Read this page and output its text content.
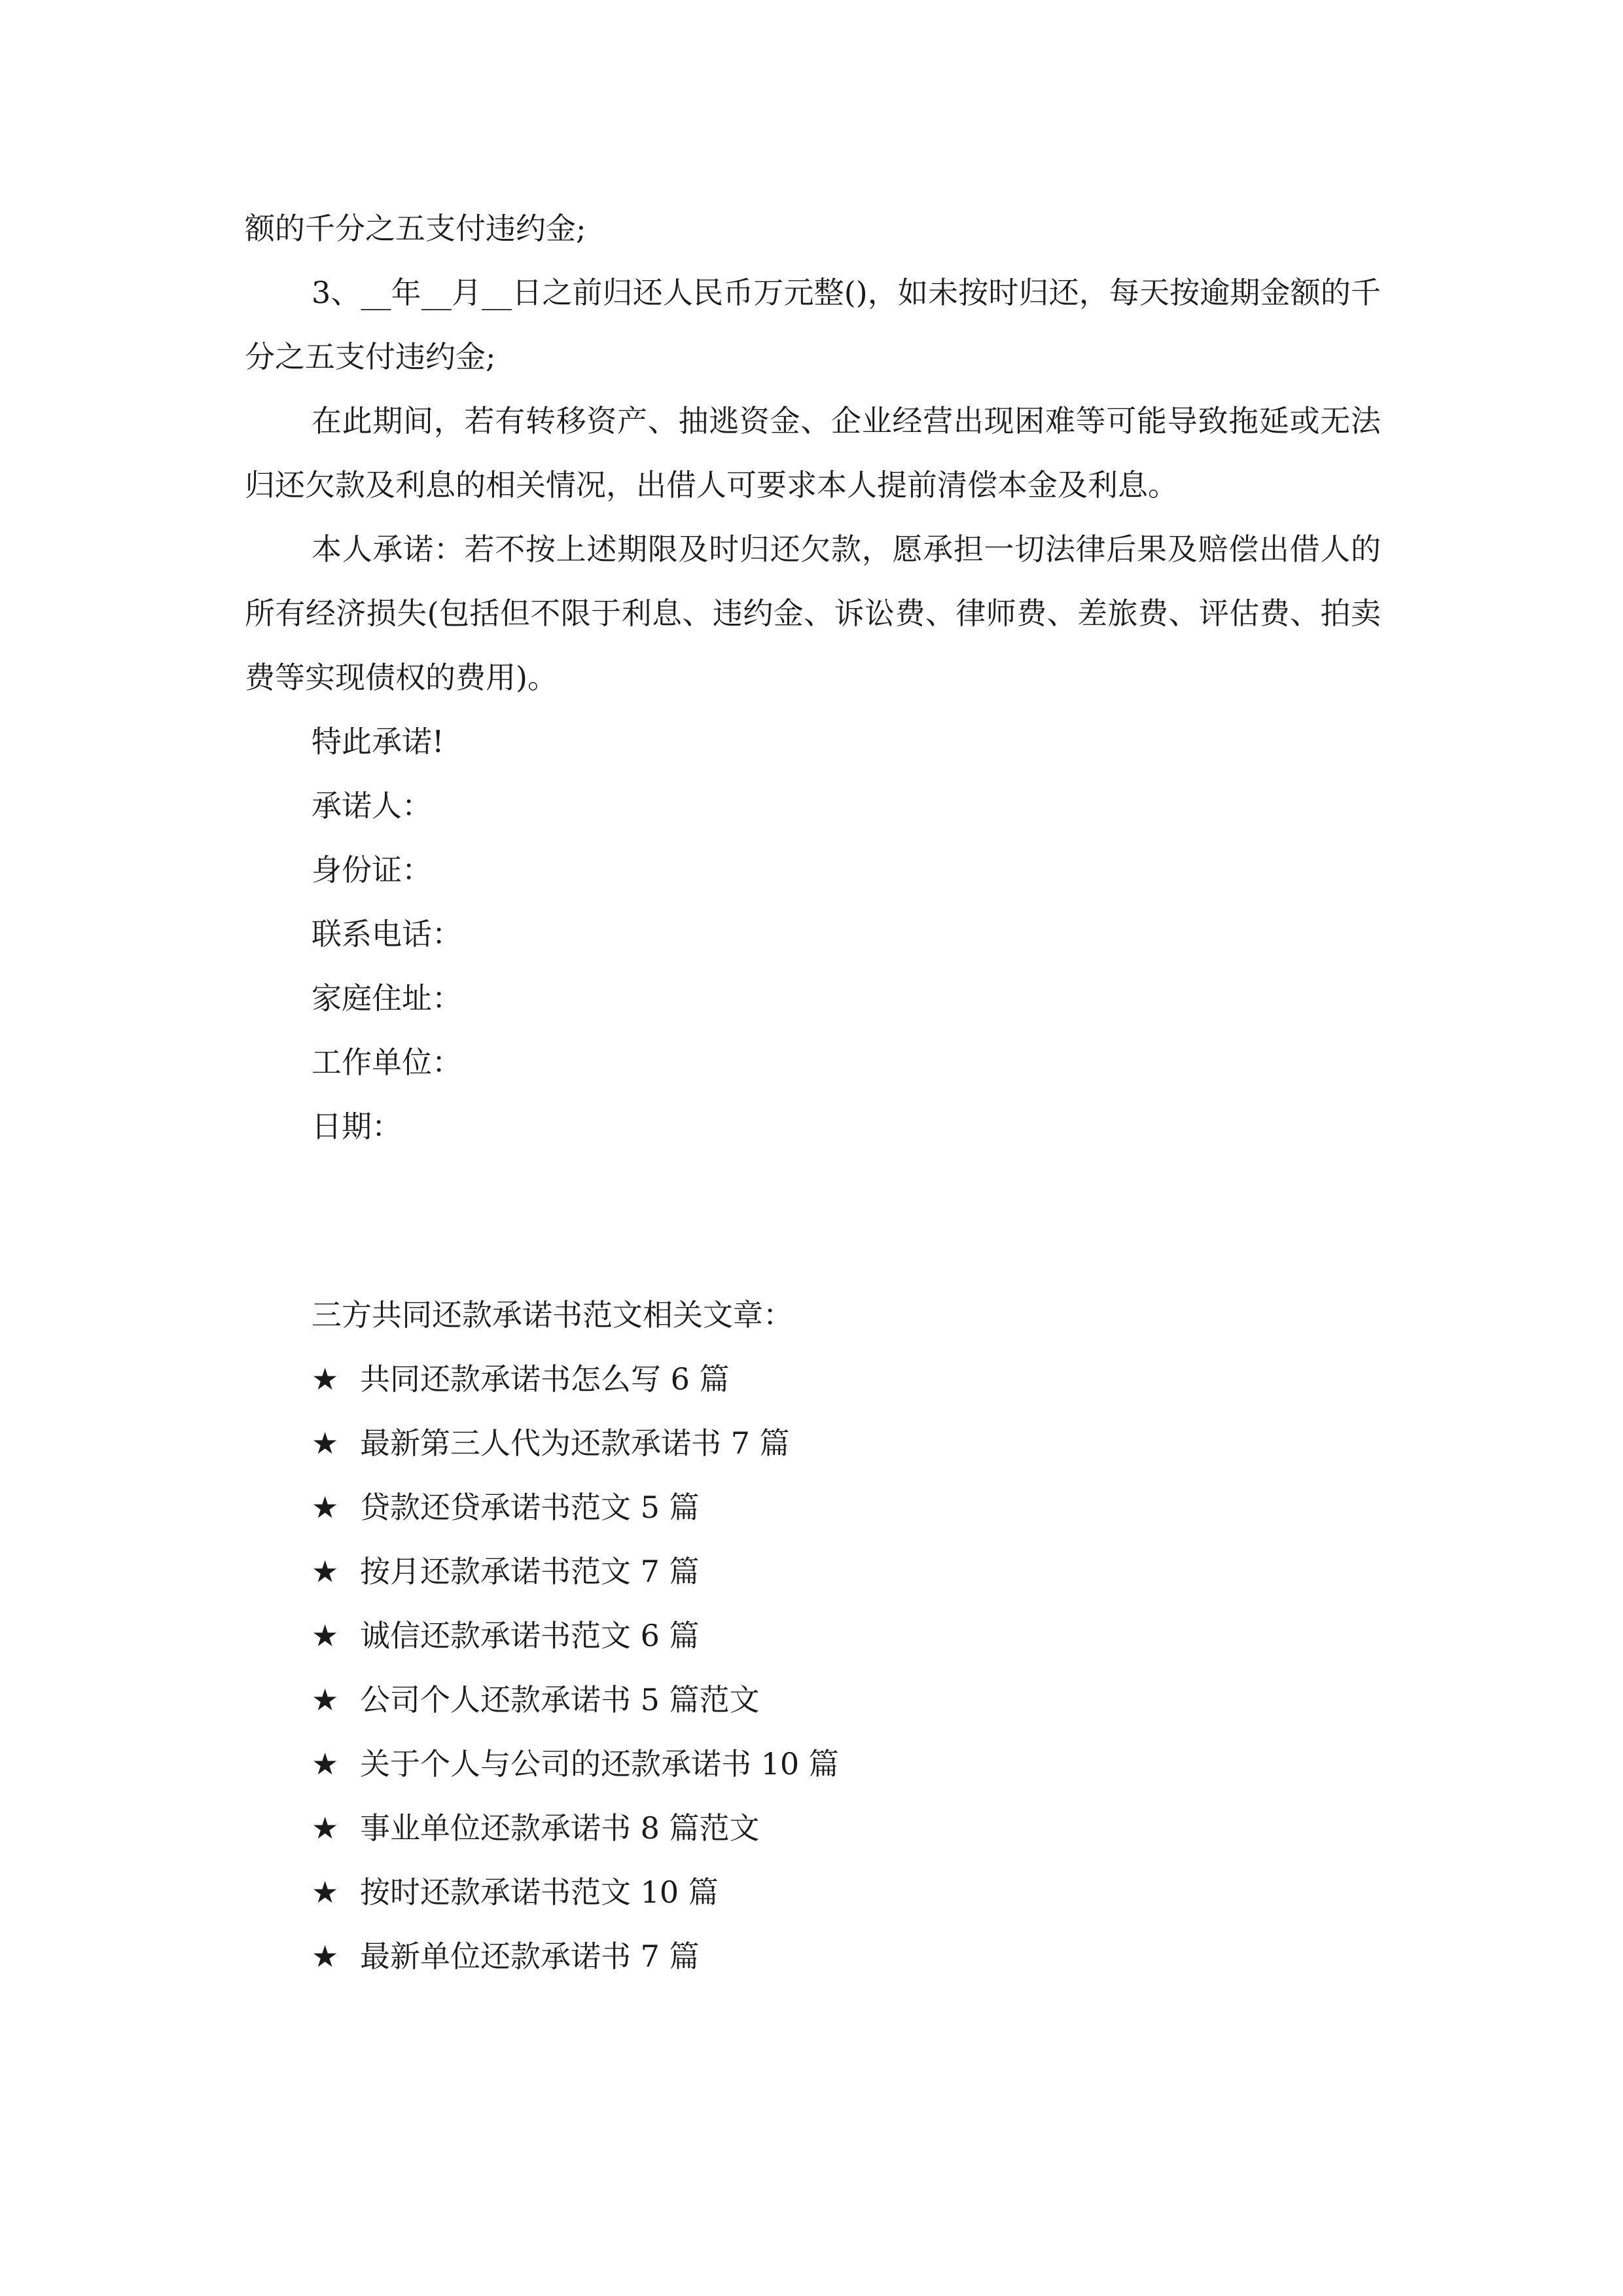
额的千分之五支付违约金;

3、__年__月__日之前归还人民币万元整()，如未按时归还，每天按逾期金额的千分之五支付违约金;

在此期间，若有转移资产、抽逃资金、企业经营出现困难等可能导致拖延或无法归还欠款及利息的相关情况，出借人可要求本人提前清偿本金及利息。

本人承诺：若不按上述期限及时归还欠款，愿承担一切法律后果及赔偿出借人的所有经济损失(包括但不限于利息、违约金、诉讼费、律师费、差旅费、评估费、拍卖费等实现债权的费用)。

特此承诺!

承诺人：

身份证：

联系电话：

家庭住址：

工作单位：

日期：

三方共同还款承诺书范文相关文章：

★ 共同还款承诺书怎么写 6 篇
★ 最新第三人代为还款承诺书 7 篇
★ 贷款还贷承诺书范文 5 篇
★ 按月还款承诺书范文 7 篇
★ 诚信还款承诺书范文 6 篇
★ 公司个人还款承诺书 5 篇范文
★ 关于个人与公司的还款承诺书 10 篇
★ 事业单位还款承诺书 8 篇范文
★ 按时还款承诺书范文 10 篇
★ 最新单位还款承诺书 7 篇
